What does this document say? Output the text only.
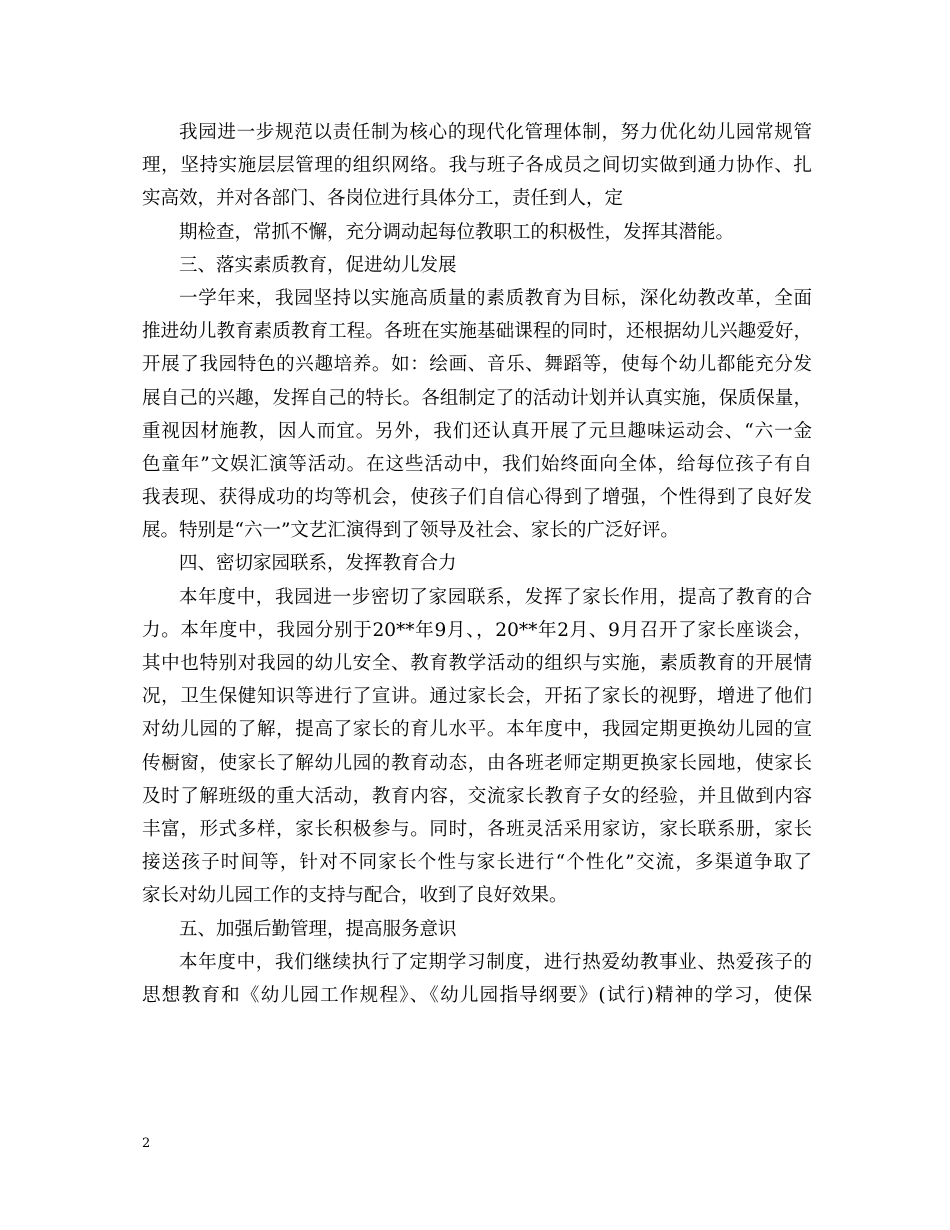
我园进一步规范以责任制为核心的现代化管理体制，努力优化幼儿园常规管
理，坚持实施层层管理的组织网络。我与班子各成员之间切实做到通力协作、扎
实高效，并对各部门、各岗位进行具体分工，责任到人，定
期检查，常抓不懈，充分调动起每位教职工的积极性，发挥其潜能。
三、落实素质教育，促进幼儿发展
一学年来，我园坚持以实施高质量的素质教育为目标，深化幼教改革，全面
推进幼儿教育素质教育工程。各班在实施基础课程的同时，还根据幼儿兴趣爱好，
开展了我园特色的兴趣培养。如：绘画、音乐、舞蹈等，使每个幼儿都能充分发
展自己的兴趣，发挥自己的特长。各组制定了的活动计划并认真实施，保质保量，
重视因材施教，因人而宜。另外，我们还认真开展了元旦趣味运动会、“六一金
色童年”文娱汇演等活动。在这些活动中，我们始终面向全体，给每位孩子有自
我表现、获得成功的均等机会，使孩子们自信心得到了增强，个性得到了良好发
展。特别是“六一”文艺汇演得到了领导及社会、家长的广泛好评。
四、密切家园联系，发挥教育合力
本年度中，我园进一步密切了家园联系，发挥了家长作用，提高了教育的合
力。本年度中，我园分别于20**年9月、，20**年2月、9月召开了家长座谈会，
其中也特别对我园的幼儿安全、教育教学活动的组织与实施，素质教育的开展情
况，卫生保健知识等进行了宣讲。通过家长会，开拓了家长的视野，增进了他们
对幼儿园的了解，提高了家长的育儿水平。本年度中，我园定期更换幼儿园的宣
传橱窗，使家长了解幼儿园的教育动态，由各班老师定期更换家长园地，使家长
及时了解班级的重大活动，教育内容，交流家长教育子女的经验，并且做到内容
丰富，形式多样，家长积极参与。同时，各班灵活采用家访，家长联系册，家长
接送孩子时间等，针对不同家长个性与家长进行“个性化”交流，多渠道争取了
家长对幼儿园工作的支持与配合，收到了良好效果。
五、加强后勤管理，提高服务意识
本年度中，我们继续执行了定期学习制度，进行热爱幼教事业、热爱孩子的
思想教育和《幼儿园工作规程》、《幼儿园指导纲要》(试行)精神的学习，使保
2
